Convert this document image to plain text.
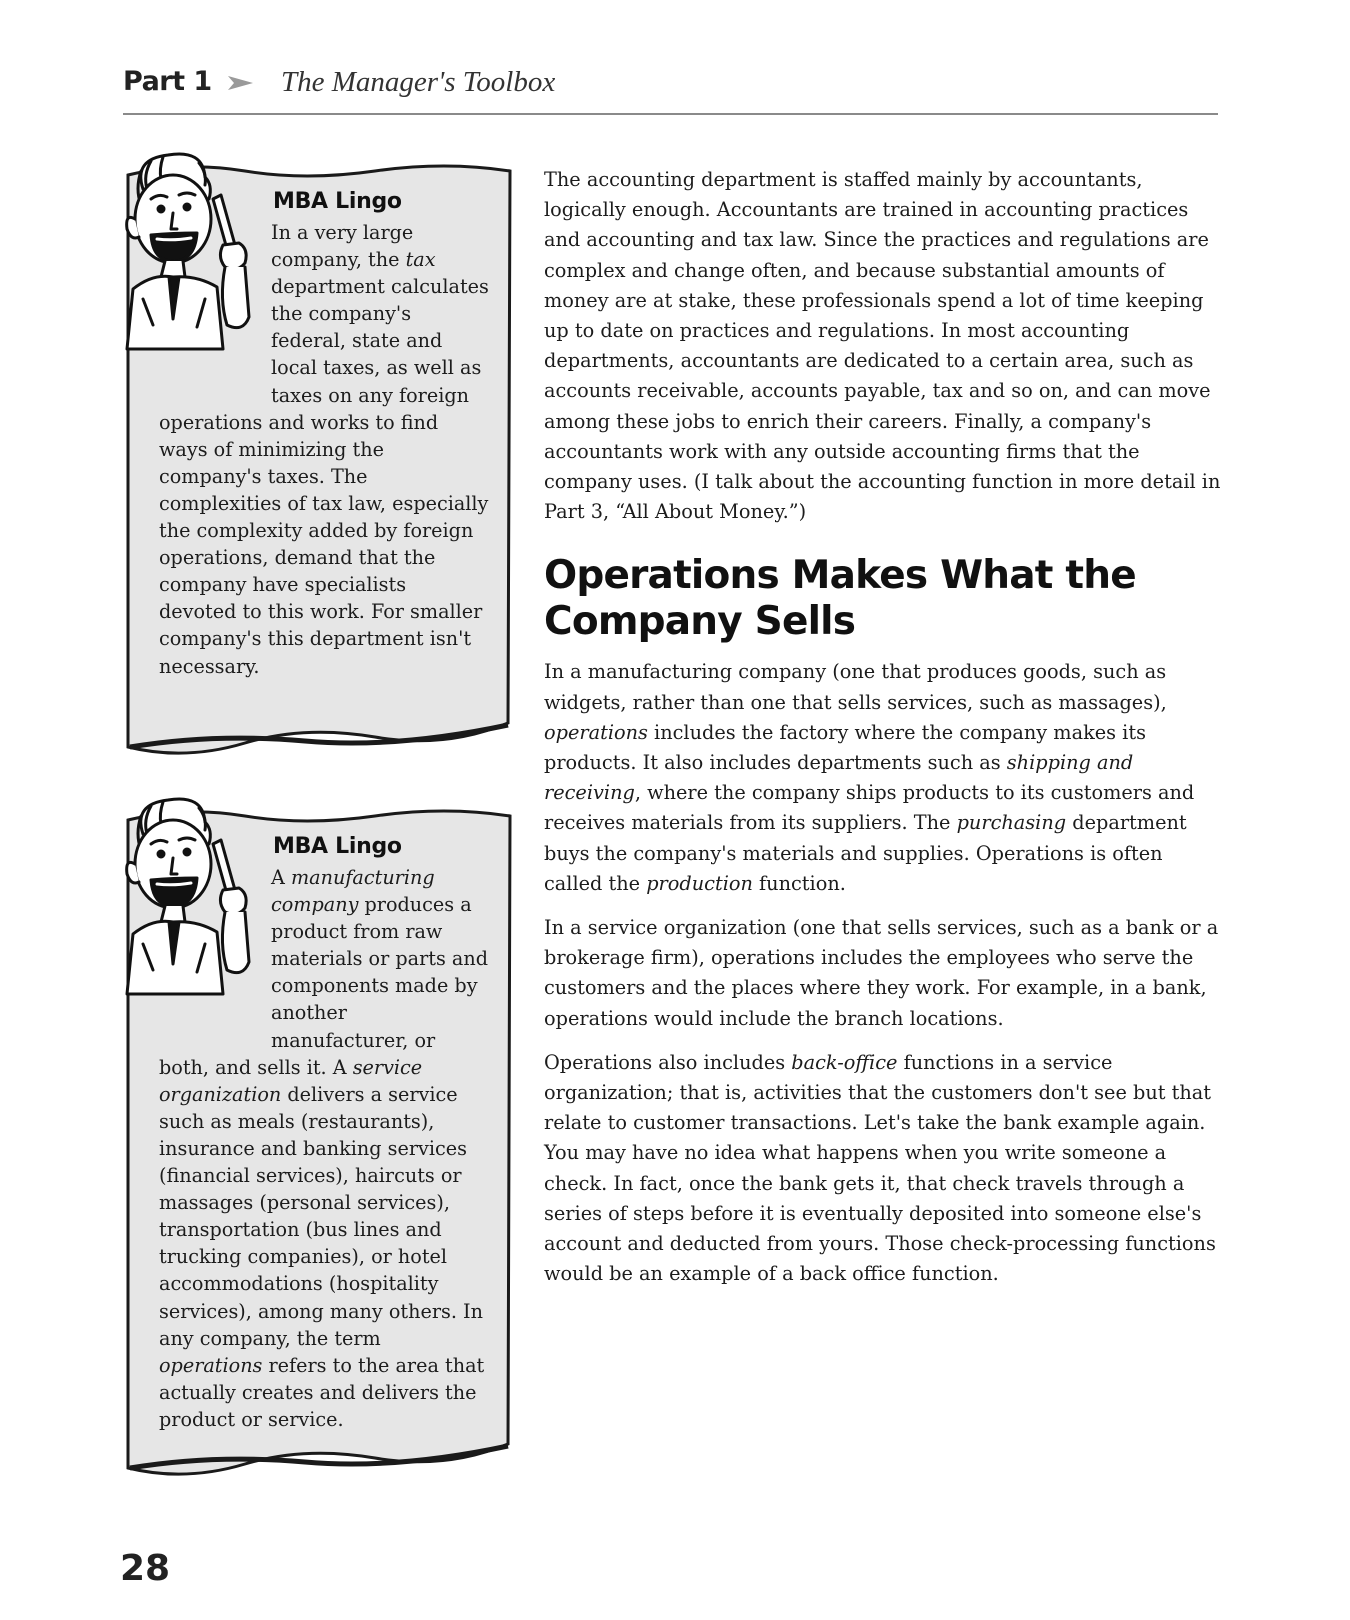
Part 1 The Manager's Toolbox
MBA Lingo
In a very large company, the tax department calculates the company's federal, state and local taxes, as well as taxes on any foreign operations and works to find ways of minimizing the company's taxes. The complexities of tax law, especially the complexity added by foreign operations, demand that the company have specialists devoted to this work. For smaller company's this department isn't necessary.
MBA Lingo
A manufacturing company produces a product from raw materials or parts and components made by another manufacturer, or both, and sells it. A service organization delivers a service such as meals (restaurants), insurance and banking services (financial services), haircuts or massages (personal services), transportation (bus lines and trucking companies), or hotel accommodations (hospitality services), among many others. In any company, the term operations refers to the area that actually creates and delivers the product or service.

The accounting department is staffed mainly by accountants, logically enough. Accountants are trained in accounting practices and accounting and tax law. Since the practices and regulations are complex and change often, and because substantial amounts of money are at stake, these professionals spend a lot of time keeping up to date on practices and regulations. In most accounting departments, accountants are dedicated to a certain area, such as accounts receivable, accounts payable, tax and so on, and can move among these jobs to enrich their careers. Finally, a company's accountants work with any outside accounting firms that the company uses. (I talk about the accounting function in more detail in Part 3, “All About Money.”)

Operations Makes What the Company Sells

In a manufacturing company (one that produces goods, such as widgets, rather than one that sells services, such as massages), operations includes the factory where the company makes its products. It also includes departments such as shipping and receiving, where the company ships products to its customers and receives materials from its suppliers. The purchasing department buys the company's materials and supplies. Operations is often called the production function.

In a service organization (one that sells services, such as a bank or a brokerage firm), operations includes the employees who serve the customers and the places where they work. For example, in a bank, operations would include the branch locations.

Operations also includes back-office functions in a service organization; that is, activities that the customers don't see but that relate to customer transactions. Let's take the bank example again. You may have no idea what happens when you write someone a check. In fact, once the bank gets it, that check travels through a series of steps before it is eventually deposited into someone else's account and deducted from yours. Those check-processing functions would be an example of a back office function.

28
